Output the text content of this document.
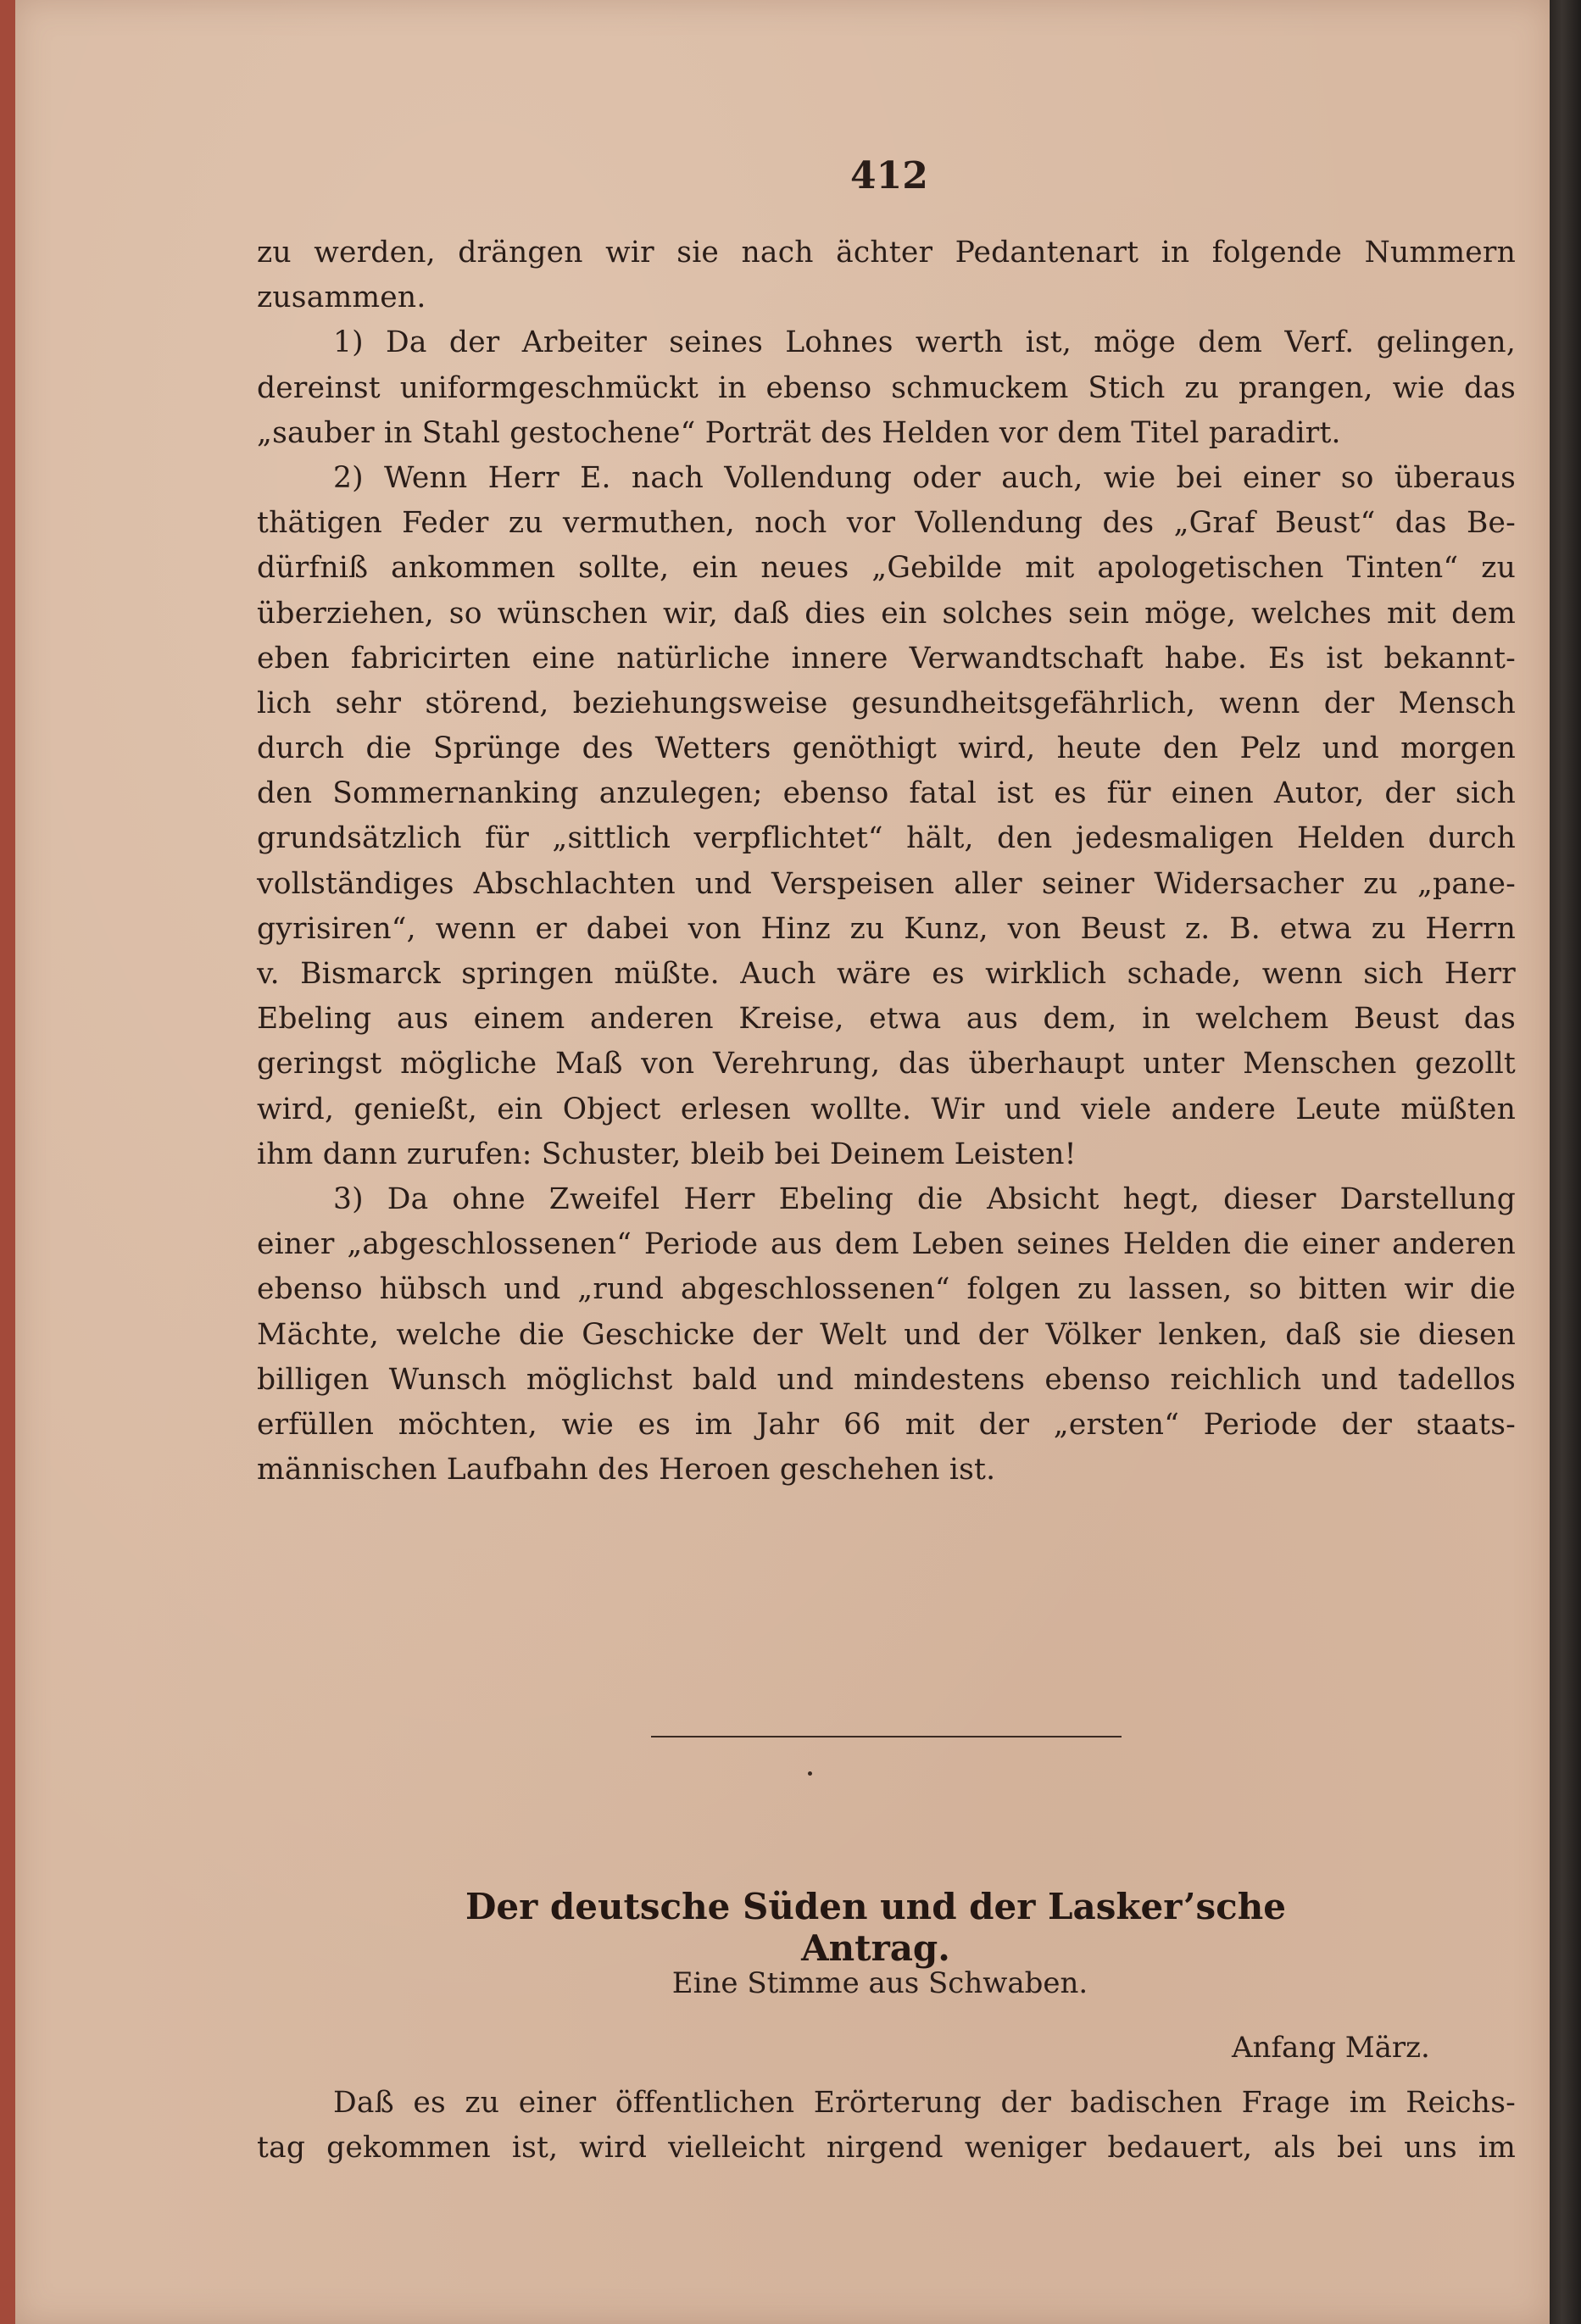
412
zu werden, drängen wir sie nach ächter Pedantenart in folgende Nummern
zusammen.
1) Da der Arbeiter seines Lohnes werth ist, möge dem Verf. gelingen,
dereinst uniformgeschmückt in ebenso schmuckem Stich zu prangen, wie das
„sauber in Stahl gestochene“ Porträt des Helden vor dem Titel paradirt.
2) Wenn Herr E. nach Vollendung oder auch, wie bei einer so überaus
thätigen Feder zu vermuthen, noch vor Vollendung des „Graf Beust“ das Be-
dürfniß ankommen sollte, ein neues „Gebilde mit apologetischen Tinten“ zu
überziehen, so wünschen wir, daß dies ein solches sein möge, welches mit dem
eben fabricirten eine natürliche innere Verwandtschaft habe. Es ist bekannt-
lich sehr störend, beziehungsweise gesundheitsgefährlich, wenn der Mensch
durch die Sprünge des Wetters genöthigt wird, heute den Pelz und morgen
den Sommernanking anzulegen; ebenso fatal ist es für einen Autor, der sich
grundsätzlich für „sittlich verpflichtet“ hält, den jedesmaligen Helden durch
vollständiges Abschlachten und Verspeisen aller seiner Widersacher zu „pane-
gyrisiren“, wenn er dabei von Hinz zu Kunz, von Beust z. B. etwa zu Herrn
v. Bismarck springen müßte. Auch wäre es wirklich schade, wenn sich Herr
Ebeling aus einem anderen Kreise, etwa aus dem, in welchem Beust das
geringst mögliche Maß von Verehrung, das überhaupt unter Menschen gezollt
wird, genießt, ein Object erlesen wollte. Wir und viele andere Leute müßten
ihm dann zurufen: Schuster, bleib bei Deinem Leisten!
3) Da ohne Zweifel Herr Ebeling die Absicht hegt, dieser Darstellung
einer „abgeschlossenen“ Periode aus dem Leben seines Helden die einer anderen
ebenso hübsch und „rund abgeschlossenen“ folgen zu lassen, so bitten wir die
Mächte, welche die Geschicke der Welt und der Völker lenken, daß sie diesen
billigen Wunsch möglichst bald und mindestens ebenso reichlich und tadellos
erfüllen möchten, wie es im Jahr 66 mit der „ersten“ Periode der staats-
männischen Laufbahn des Heroen geschehen ist.
Der deutsche Süden und der Lasker’sche Antrag.
Eine Stimme aus Schwaben.
Anfang März.
Daß es zu einer öffentlichen Erörterung der badischen Frage im Reichs-
tag gekommen ist, wird vielleicht nirgend weniger bedauert, als bei uns im
